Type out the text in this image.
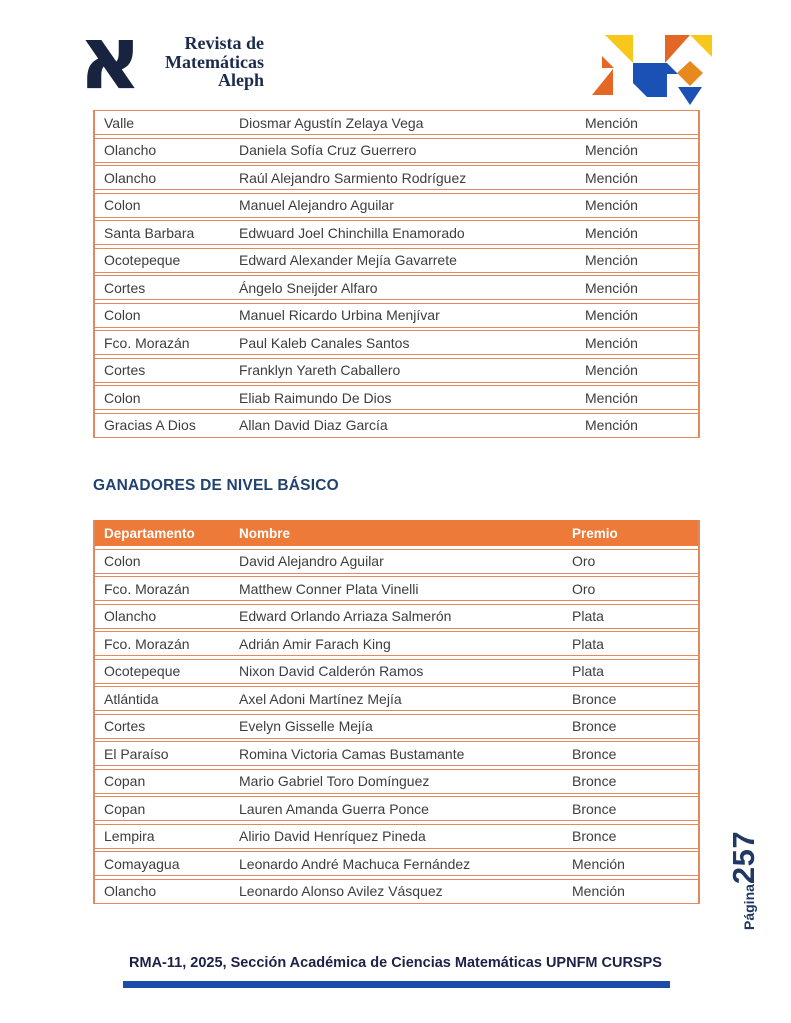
א	Revista de
Matemáticas
Aleph
Valle	Diosmar Agustín Zelaya Vega	Mención
Olancho	Daniela Sofía Cruz Guerrero	Mención
Olancho	Raúl Alejandro Sarmiento Rodríguez	Mención
Colon	Manuel Alejandro Aguilar	Mención
Santa Barbara	Edwuard Joel Chinchilla Enamorado	Mención
Ocotepeque	Edward Alexander Mejía Gavarrete	Mención
Cortes	Ángelo Sneijder Alfaro	Mención
Colon	Manuel Ricardo Urbina Menjívar	Mención
Fco. Morazán	Paul Kaleb Canales Santos	Mención
Cortes	Franklyn Yareth Caballero	Mención
Colon	Eliab Raimundo De Dios	Mención
Gracias A Dios	Allan David Diaz García	Mención
GANADORES DE NIVEL BÁSICO
Departamento	Nombre	Premio
Colon	David Alejandro Aguilar	Oro
Fco. Morazán	Matthew Conner Plata Vinelli	Oro
Olancho	Edward Orlando Arriaza Salmerón	Plata
Fco. Morazán	Adrián Amir Farach King	Plata
Ocotepeque	Nixon David Calderón Ramos	Plata
Atlántida	Axel Adoni Martínez Mejía	Bronce
Cortes	Evelyn Gisselle Mejía	Bronce
El Paraíso	Romina Victoria Camas Bustamante	Bronce
Copan	Mario Gabriel Toro Domínguez	Bronce
Copan	Lauren Amanda Guerra Ponce	Bronce
Lempira	Alirio David Henríquez Pineda	Bronce
Comayagua	Leonardo André Machuca Fernández	Mención
Olancho	Leonardo Alonso Avilez Vásquez	Mención	Página257
RMA-11, 2025, Sección Académica de Ciencias Matemáticas UPNFM CURSPS
